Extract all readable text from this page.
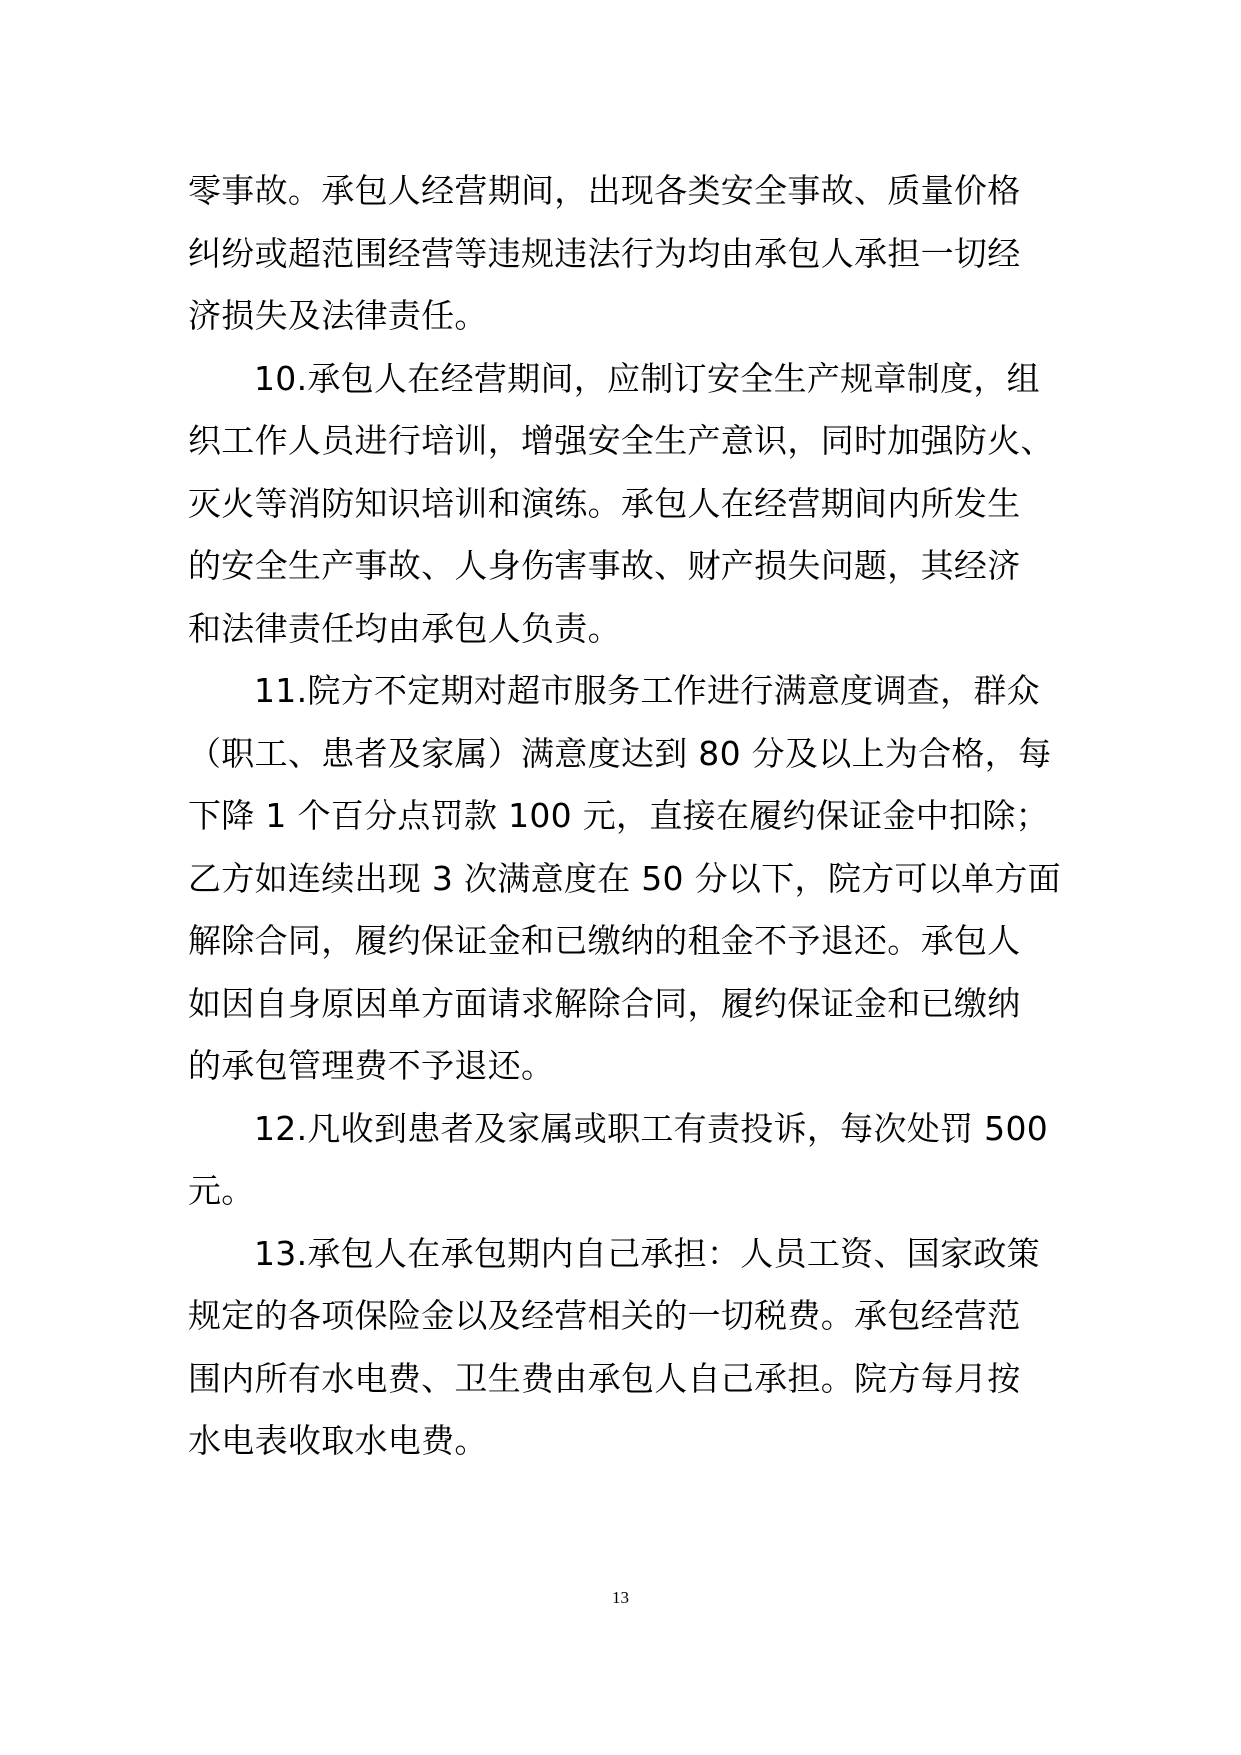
零事故。承包人经营期间，出现各类安全事故、质量价格
纠纷或超范围经营等违规违法行为均由承包人承担一切经
济损失及法律责任。
10.承包人在经营期间，应制订安全生产规章制度，组
织工作人员进行培训，增强安全生产意识，同时加强防火、
灭火等消防知识培训和演练。承包人在经营期间内所发生
的安全生产事故、人身伤害事故、财产损失问题，其经济
和法律责任均由承包人负责。
11.院方不定期对超市服务工作进行满意度调查，群众
（职工、患者及家属）满意度达到 80 分及以上为合格，每
下降 1 个百分点罚款 100 元，直接在履约保证金中扣除；
乙方如连续出现 3 次满意度在 50 分以下，院方可以单方面
解除合同，履约保证金和已缴纳的租金不予退还。承包人
如因自身原因单方面请求解除合同，履约保证金和已缴纳
的承包管理费不予退还。
12.凡收到患者及家属或职工有责投诉，每次处罚 500
元。
13.承包人在承包期内自己承担：人员工资、国家政策
规定的各项保险金以及经营相关的一切税费。承包经营范
围内所有水电费、卫生费由承包人自己承担。院方每月按
水电表收取水电费。
13
